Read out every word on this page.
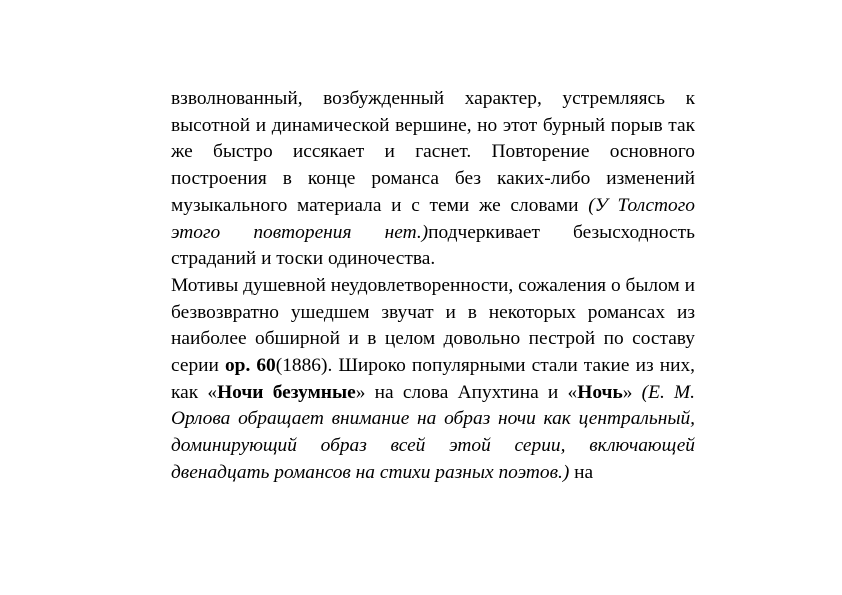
взволнованный, возбужденный характер, устремляясь к высотной и динамической вершине, но этот бурный порыв так же быстро иссякает и гаснет. Повторение основного построения в конце романса без каких-либо изменений музыкального материала и с теми же словами (У Толстого этого повторения нет.)подчеркивает безысходность страданий и тоски одиночества.

Мотивы душевной неудовлетворенности, сожаления о былом и безвозвратно ушедшем звучат и в некоторых романсах из наиболее обширной и в целом довольно пестрой по составу серии ор. 60(1886). Широко популярными стали такие из них, как «Ночи безумные» на слова Апухтина и «Ночь» (Е. М. Орлова обращает внимание на образ ночи как центральный, доминирующий образ всей этой серии, включающей двенадцать романсов на стихи разных поэтов.) на
